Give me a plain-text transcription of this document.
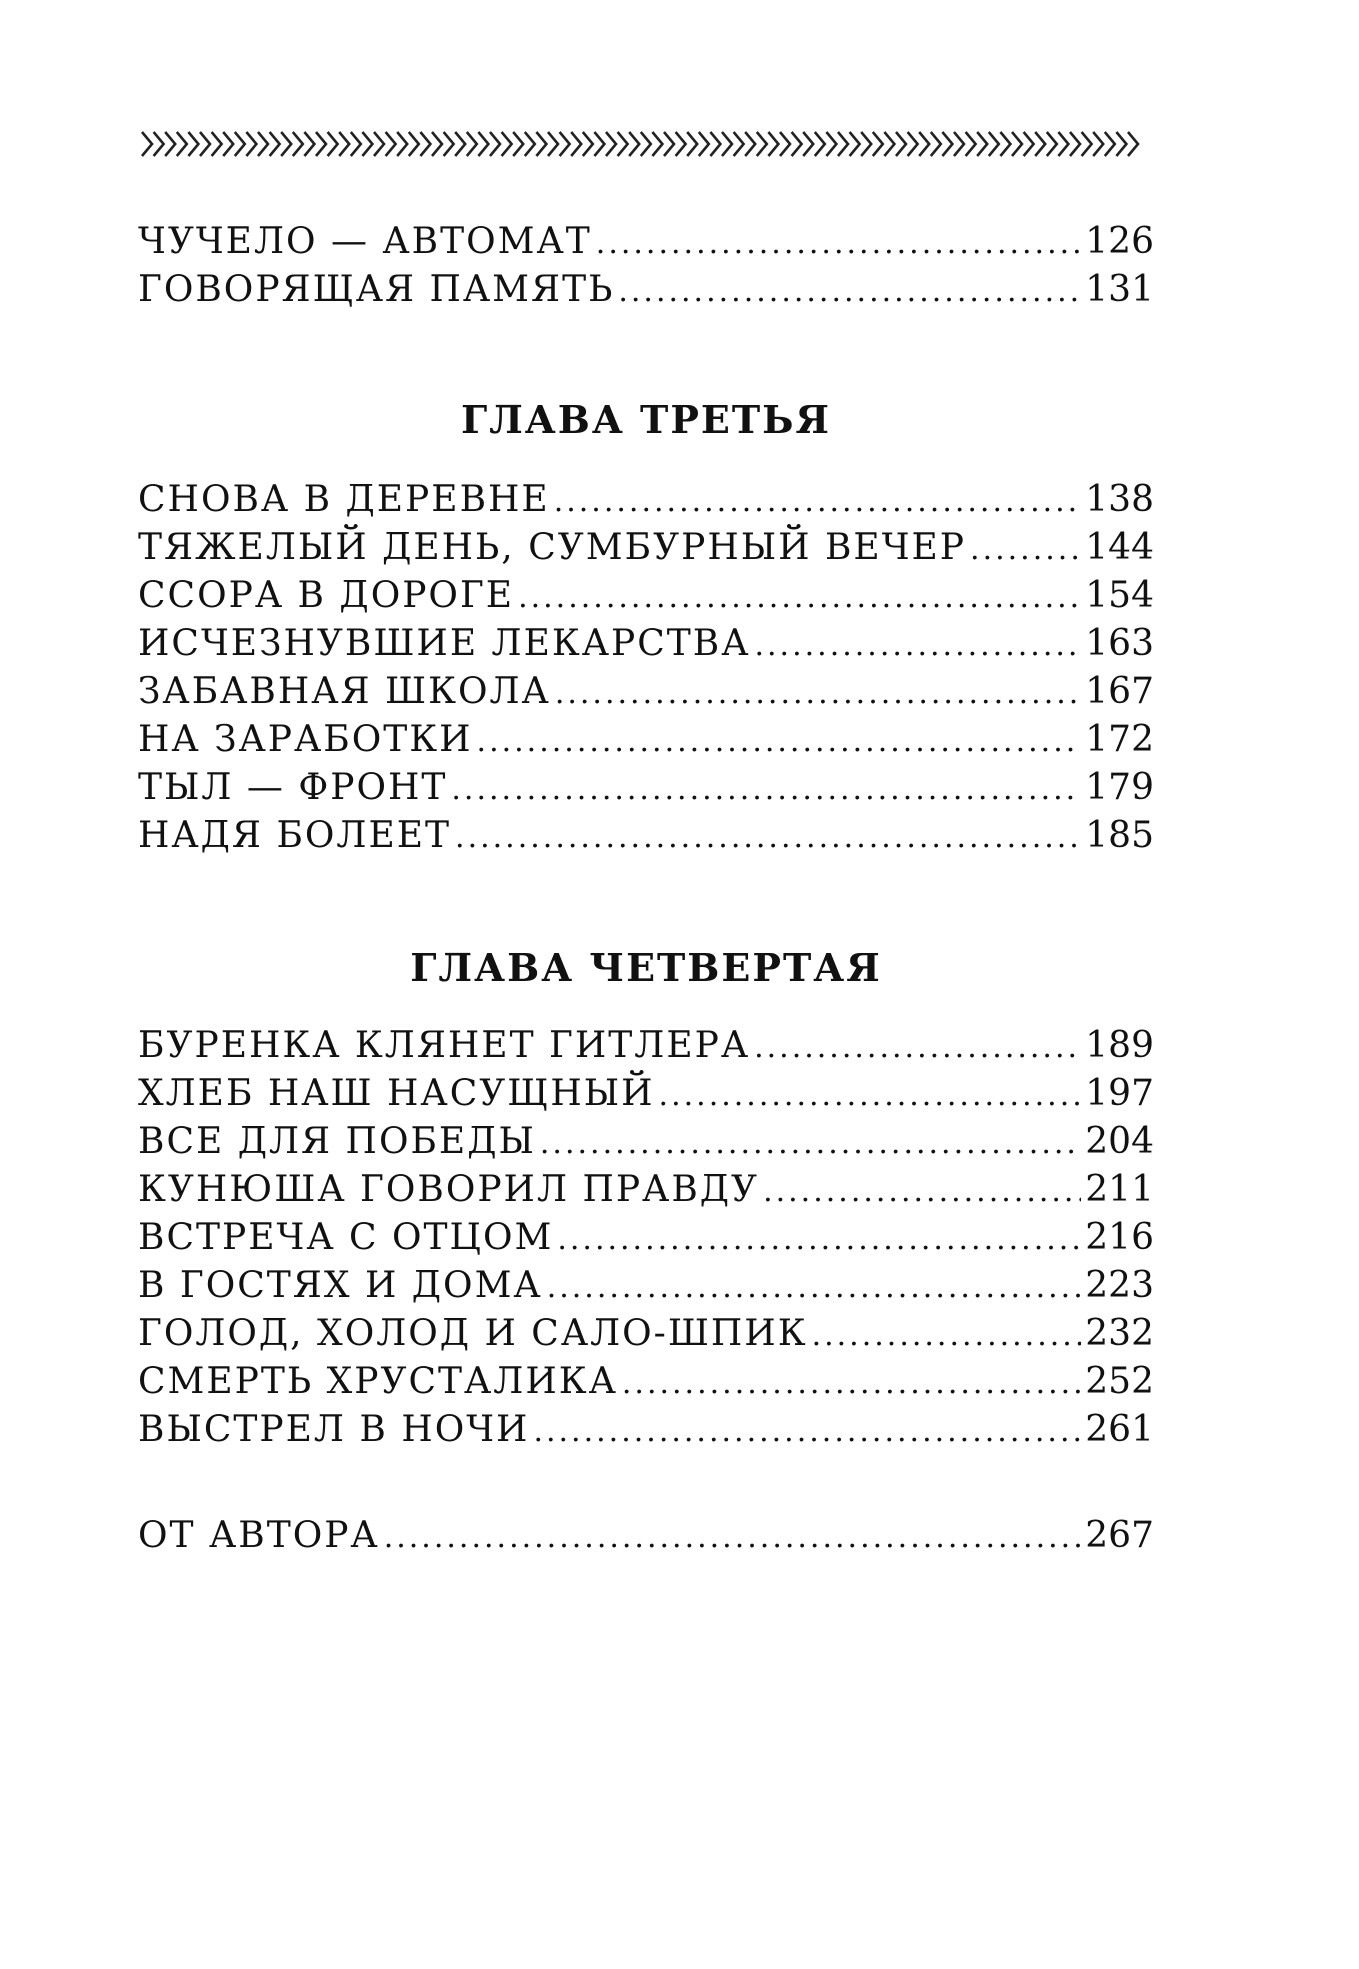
ЧУЧЕЛО — АВТОМАТ .....	126
ГОВОРЯЩАЯ ПАМЯТЬ .....	131
ГЛАВА ТРЕТЬЯ
СНОВА В ДЕРЕВНЕ .....	138
ТЯЖЕЛЫЙ ДЕНЬ, СУМБУРНЫЙ ВЕЧЕР .....	144
ССОРА В ДОРОГЕ .....	154
ИСЧЕЗНУВШИЕ ЛЕКАРСТВА .....	163
ЗАБАВНАЯ ШКОЛА .....	167
НА ЗАРАБОТКИ .....	172
ТЫЛ — ФРОНТ .....	179
НАДЯ БОЛЕЕТ .....	185
ГЛАВА ЧЕТВЕРТАЯ
БУРЕНКА КЛЯНЕТ ГИТЛЕРА .....	189
ХЛЕБ НАШ НАСУЩНЫЙ .....	197
ВСЕ ДЛЯ ПОБЕДЫ .....	204
КУНЮША ГОВОРИЛ ПРАВДУ .....	211
ВСТРЕЧА С ОТЦОМ .....	216
В ГОСТЯХ И ДОМА .....	223
ГОЛОД, ХОЛОД И САЛО-ШПИК .....	232
СМЕРТЬ ХРУСТАЛИКА .....	252
ВЫСТРЕЛ В НОЧИ .....	261
ОТ АВТОРА .....	267
